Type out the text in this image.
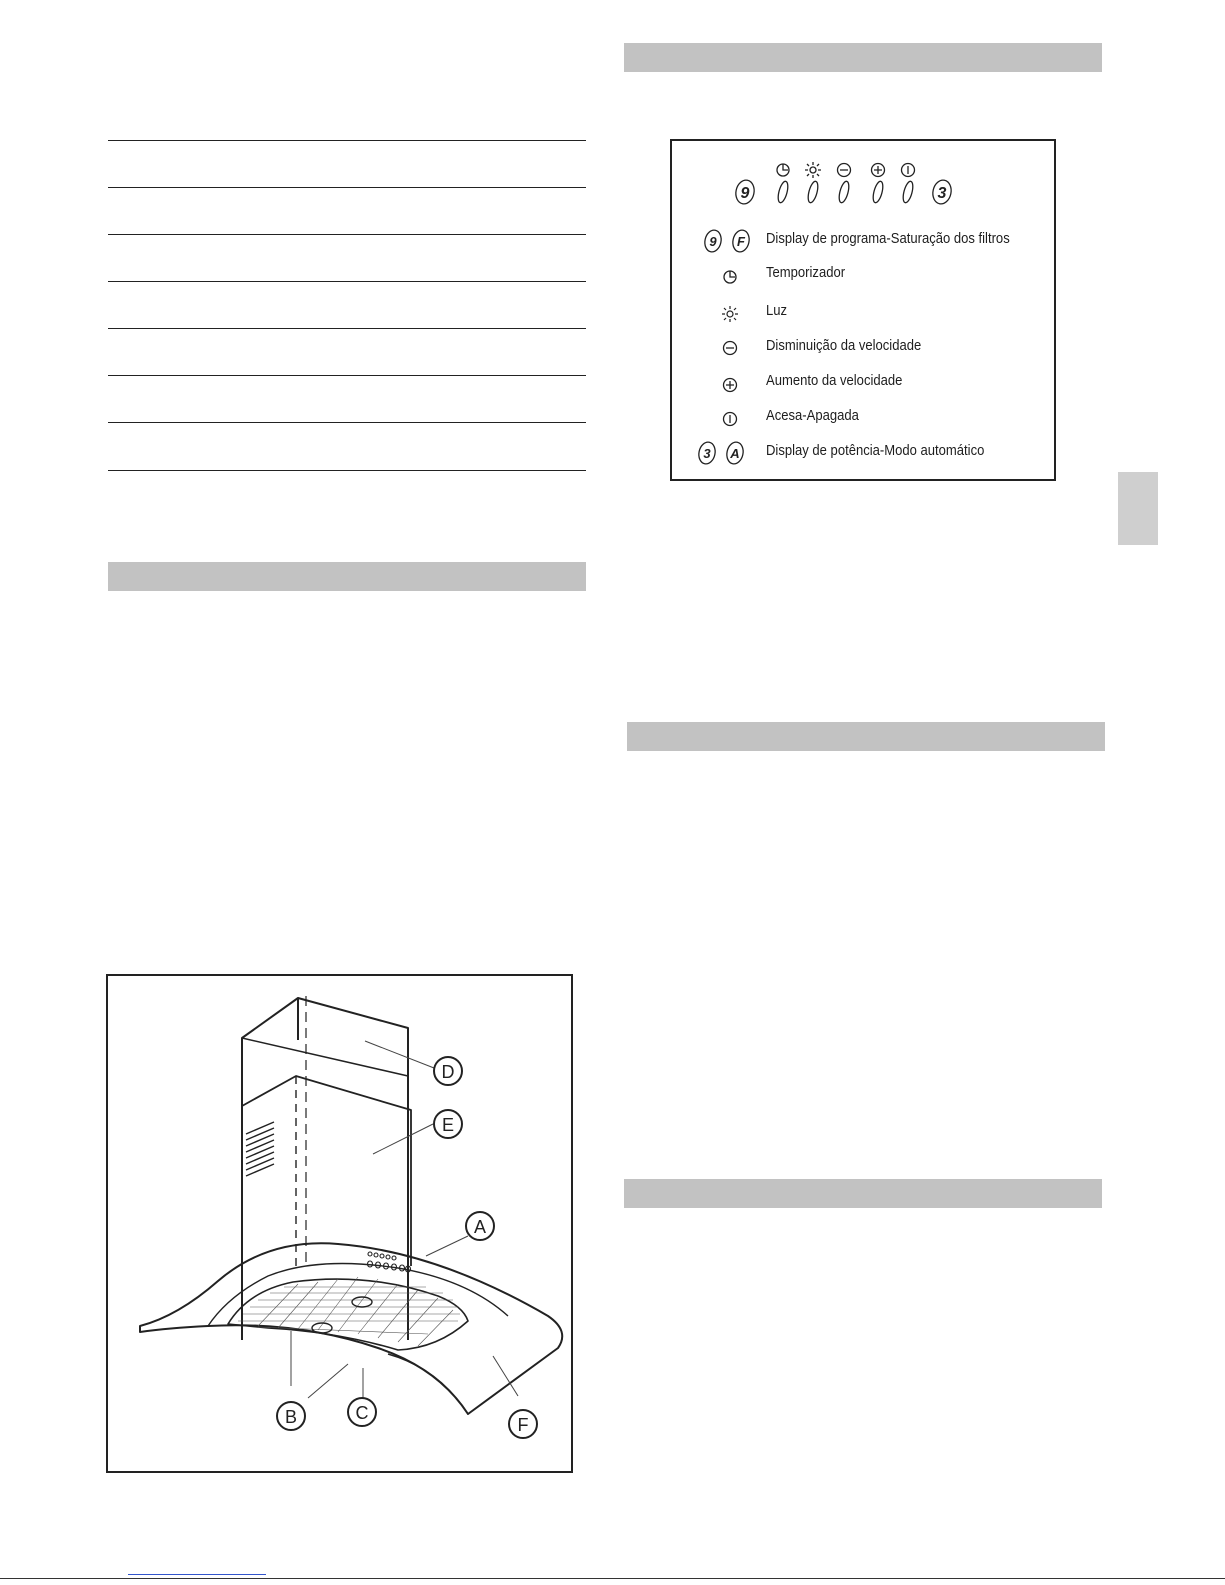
9	3
9 F Display de programa-Saturação dos filtros
Temporizador
Luz
Disminuição da velocidade
Aumento da velocidade
Acesa-Apagada
3 A Display de potência-Modo automático
D
E
A
B	C
F
